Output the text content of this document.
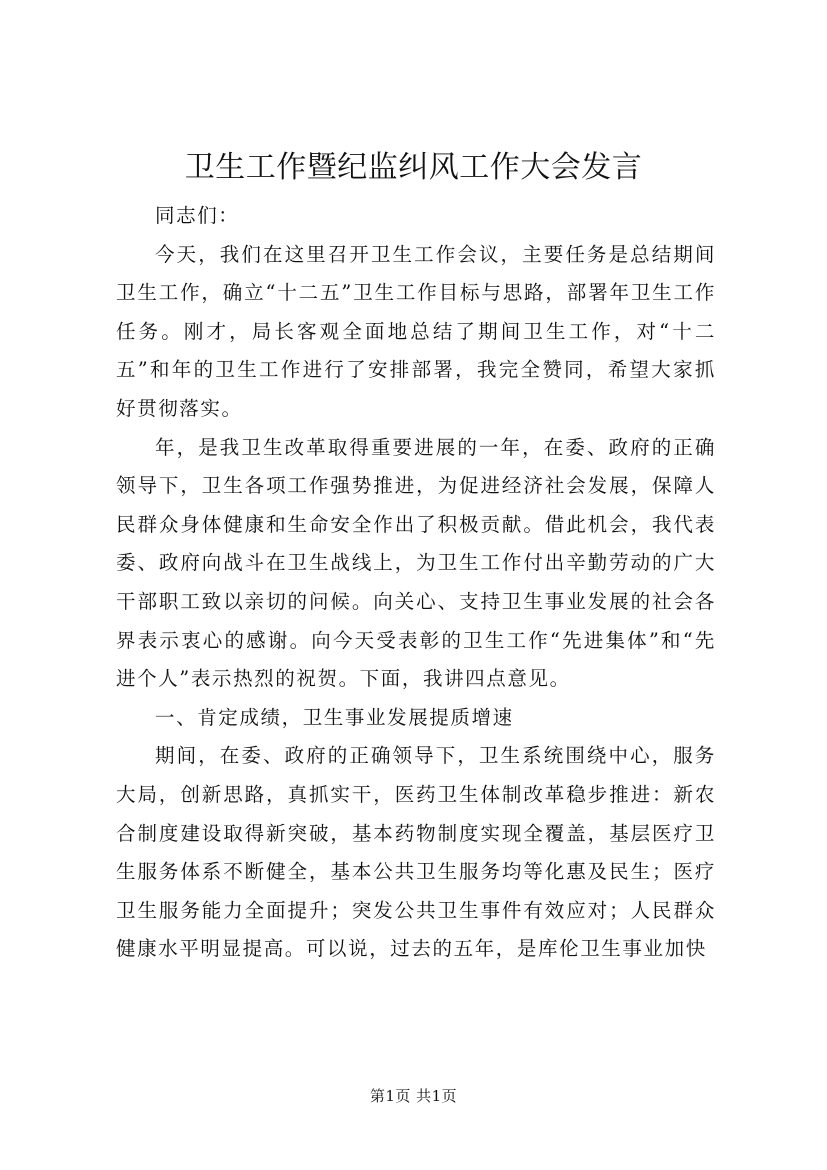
卫生工作暨纪监纠风工作大会发言

同志们：

今天，我们在这里召开卫生工作会议，主要任务是总结期间卫生工作，确立“十二五”卫生工作目标与思路，部署年卫生工作任务。刚才，局长客观全面地总结了期间卫生工作，对“十二五”和年的卫生工作进行了安排部署，我完全赞同，希望大家抓好贯彻落实。

年，是我卫生改革取得重要进展的一年，在委、政府的正确领导下，卫生各项工作强势推进，为促进经济社会发展，保障人民群众身体健康和生命安全作出了积极贡献。借此机会，我代表委、政府向战斗在卫生战线上，为卫生工作付出辛勤劳动的广大干部职工致以亲切的问候。向关心、支持卫生事业发展的社会各界表示衷心的感谢。向今天受表彰的卫生工作“先进集体”和“先进个人”表示热烈的祝贺。下面，我讲四点意见。

一、肯定成绩，卫生事业发展提质增速

期间，在委、政府的正确领导下，卫生系统围绕中心，服务大局，创新思路，真抓实干，医药卫生体制改革稳步推进：新农合制度建设取得新突破，基本药物制度实现全覆盖，基层医疗卫生服务体系不断健全，基本公共卫生服务均等化惠及民生；医疗卫生服务能力全面提升；突发公共卫生事件有效应对；人民群众健康水平明显提高。可以说，过去的五年，是库伦卫生事业加快

第1页 共1页
